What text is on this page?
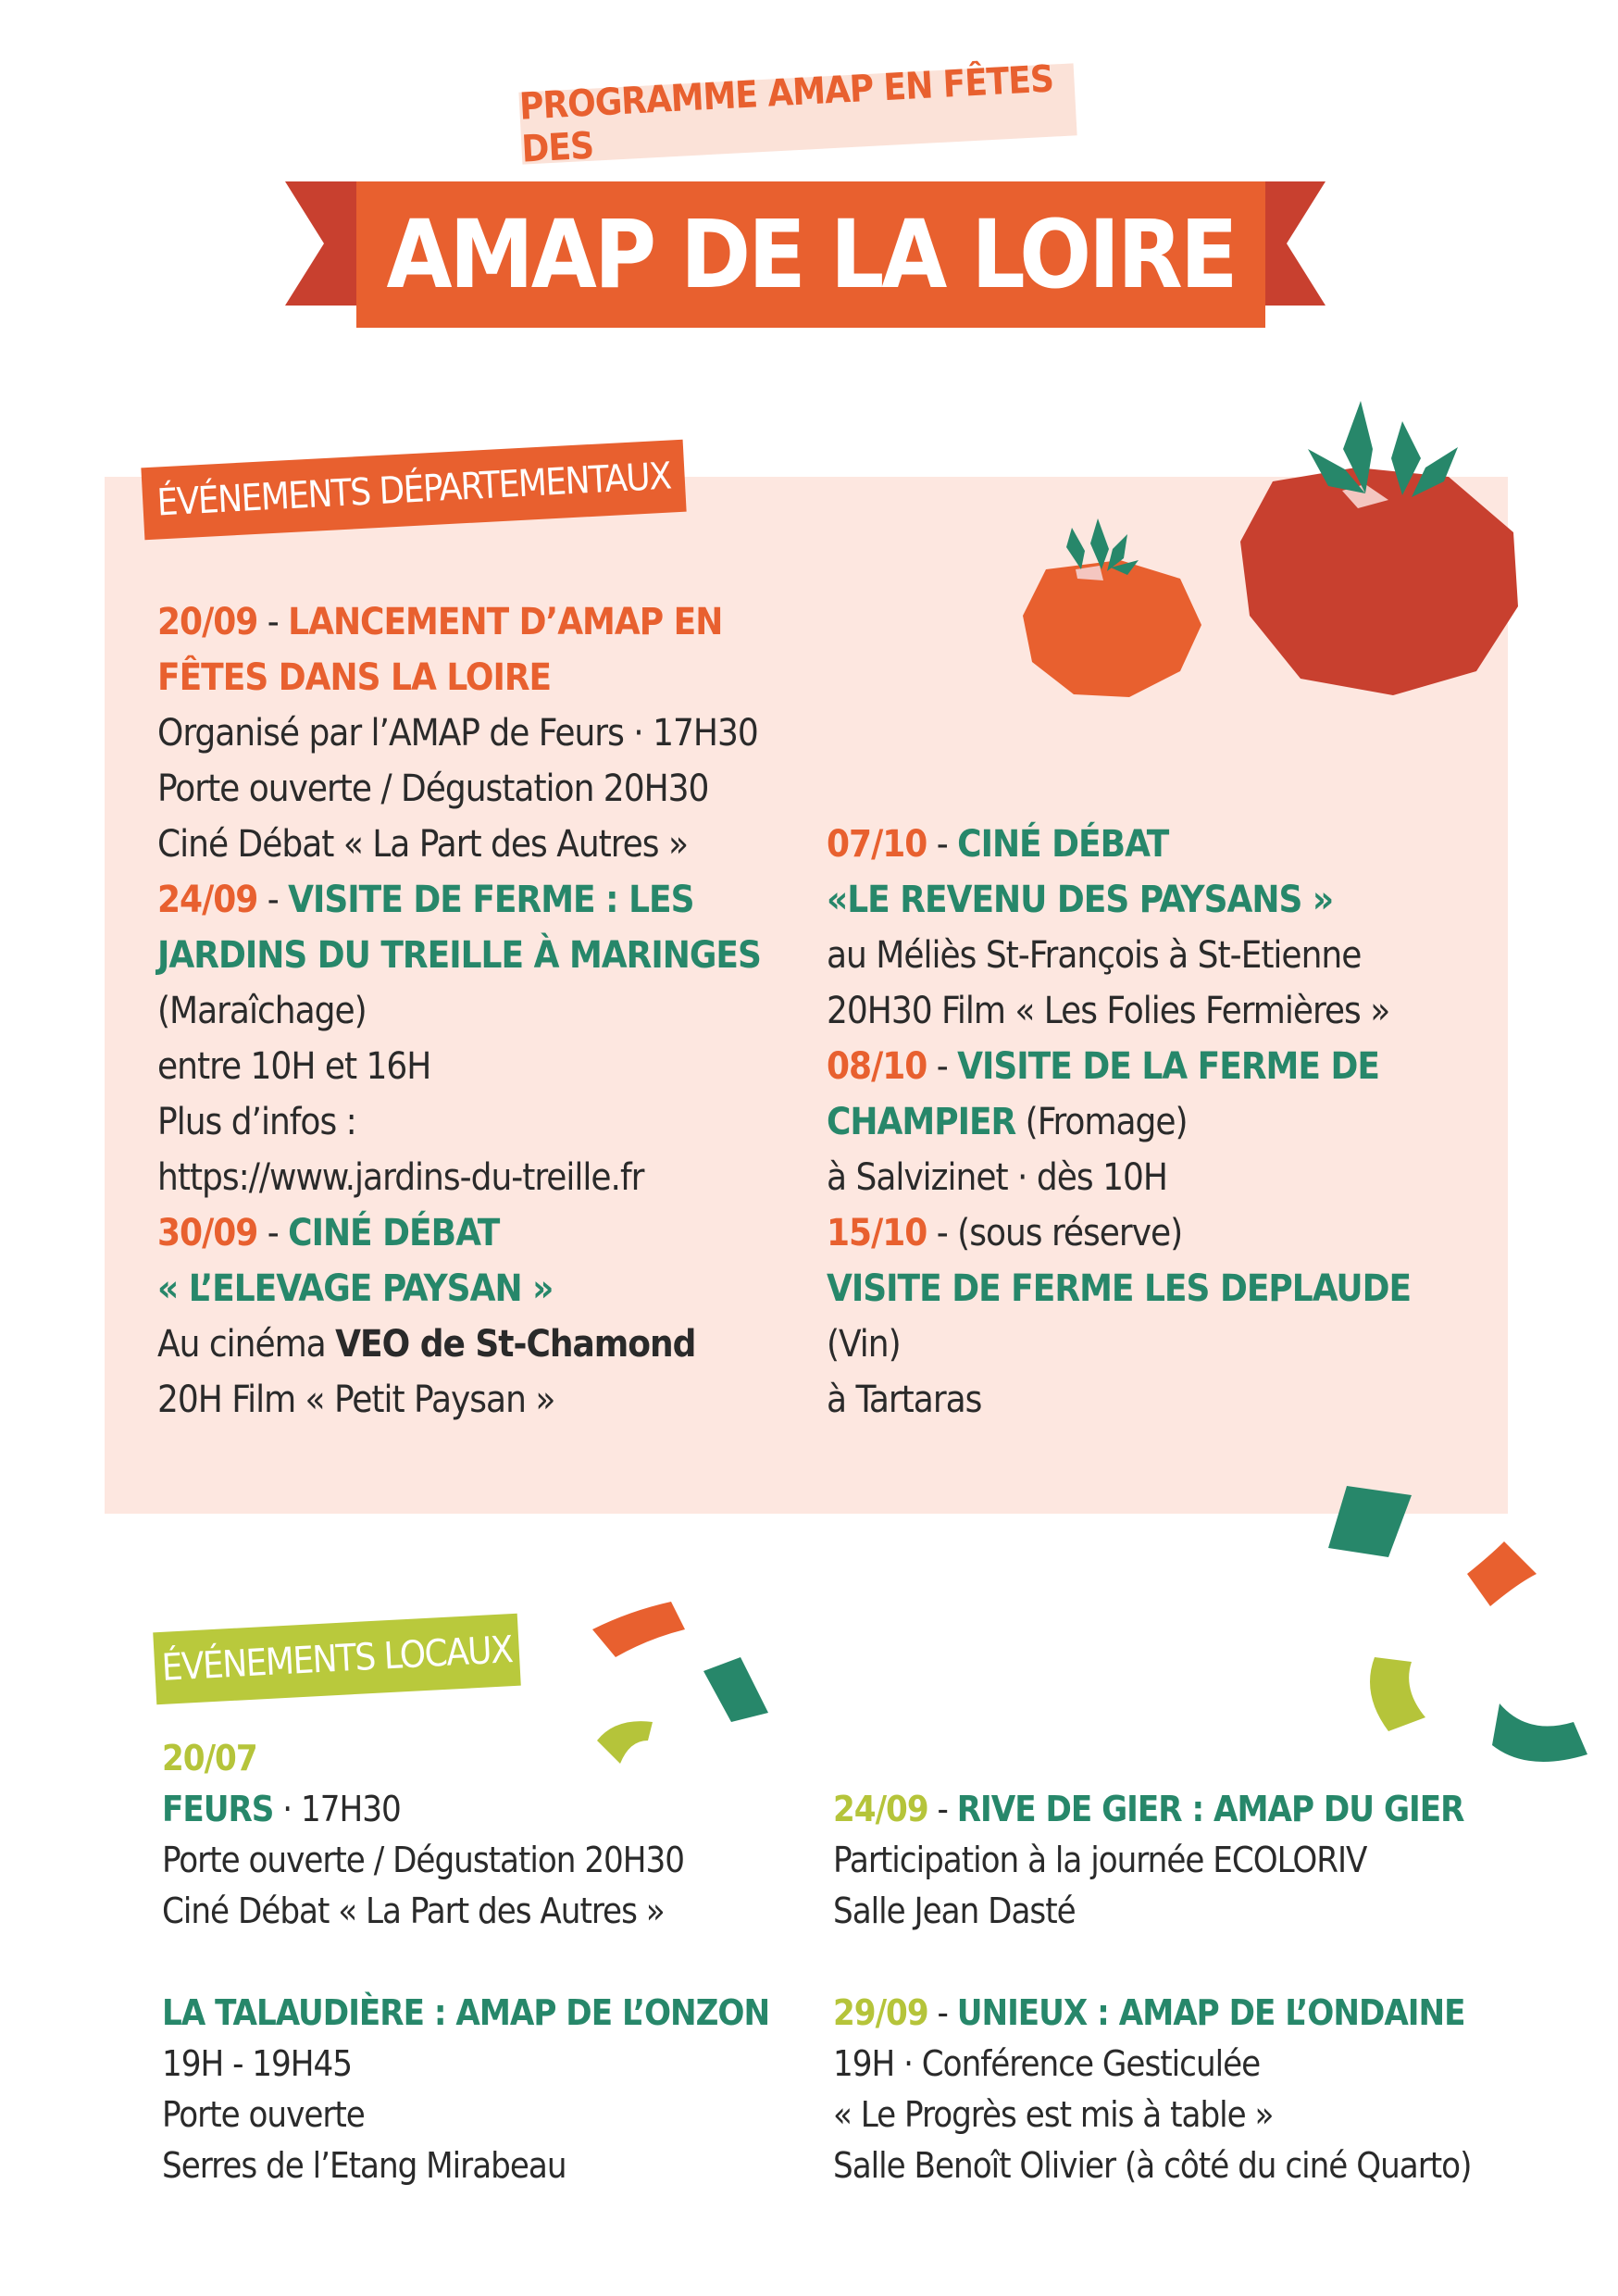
PROGRAMME AMAP EN FÊTES DES
AMAP DE LA LOIRE
ÉVÉNEMENTS DÉPARTEMENTAUX

20/09 - LANCEMENT D’AMAP EN FÊTES DANS LA LOIRE
Organisé par l’AMAP de Feurs · 17H30
Porte ouverte / Dégustation 20H30
Ciné Débat « La Part des Autres »

24/09 - VISITE DE FERME : LES JARDINS DU TREILLE À MARINGES (Maraîchage)
entre 10H et 16H
Plus d’infos :
https://www.jardins-du-treille.fr

30/09 - CINÉ DÉBAT
« L’ELEVAGE PAYSAN »
Au cinéma VEO de St-Chamond
20H Film « Petit Paysan »

07/10 - CINÉ DÉBAT
«LE REVENU DES PAYSANS »
au Méliès St-François à St-Etienne
20H30 Film « Les Folies Fermières »

08/10 - VISITE DE LA FERME DE CHAMPIER (Fromage)
à Salvizinet · dès 10H

15/10 - (sous réserve)
VISITE DE FERME LES DEPLAUDE (Vin)
à Tartaras

ÉVÉNEMENTS LOCAUX

20/07
FEURS · 17H30
Porte ouverte / Dégustation 20H30
Ciné Débat « La Part des Autres »

LA TALAUDIÈRE : AMAP DE L’ONZON
19H - 19H45
Porte ouverte
Serres de l’Etang Mirabeau

24/09 - RIVE DE GIER : AMAP DU GIER
Participation à la journée ECOLORIV
Salle Jean Dasté

29/09 - UNIEUX : AMAP DE L’ONDAINE
19H · Conférence Gesticulée
« Le Progrès est mis à table »
Salle Benoît Olivier (à côté du ciné Quarto)
